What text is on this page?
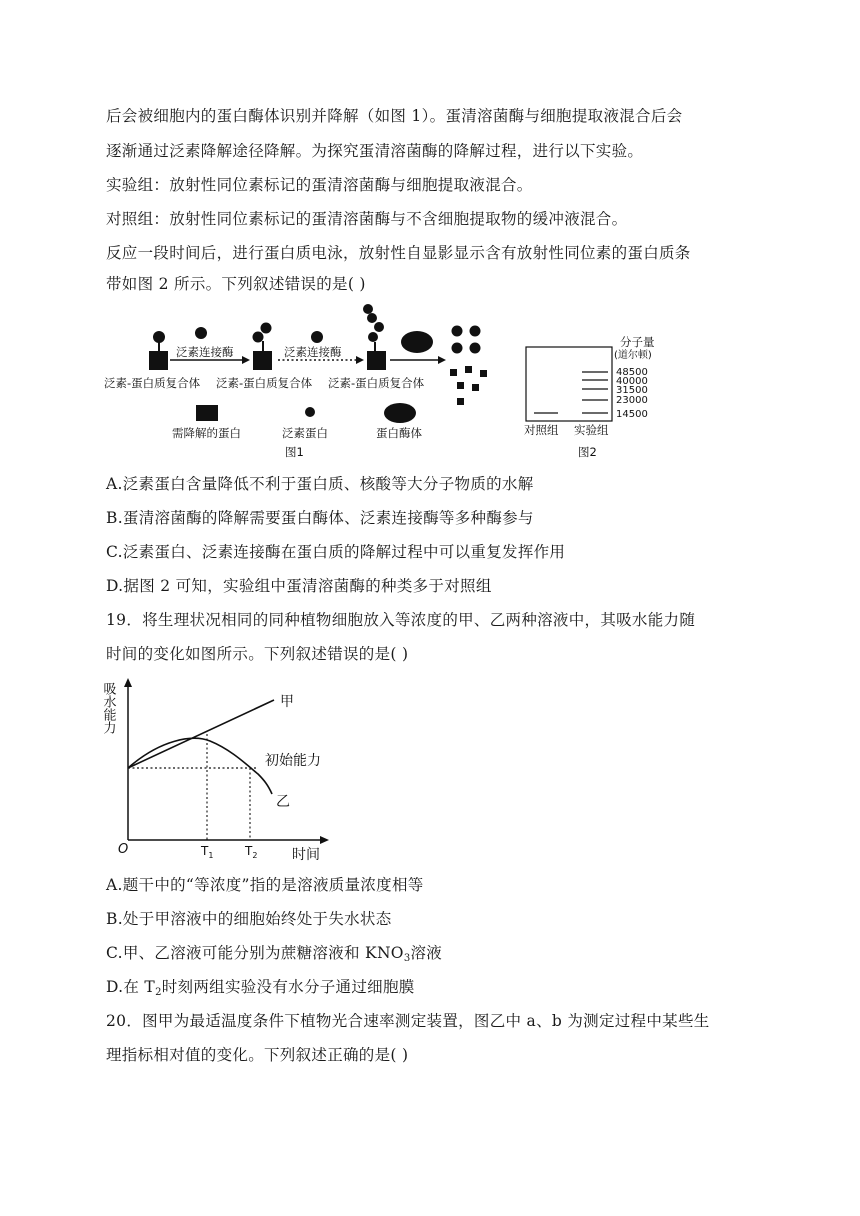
后会被细胞内的蛋白酶体识别并降解（如图 1）。蛋清溶菌酶与细胞提取液混合后会
逐渐通过泛素降解途径降解。为探究蛋清溶菌酶的降解过程，进行以下实验。
实验组：放射性同位素标记的蛋清溶菌酶与细胞提取液混合。
对照组：放射性同位素标记的蛋清溶菌酶与不含细胞提取物的缓冲液混合。
反应一段时间后，进行蛋白质电泳，放射性自显影显示含有放射性同位素的蛋白质条
带如图 2 所示。下列叙述错误的是( )
泛素连接酶	泛素连接酶
泛素-蛋白质复合体 泛素-蛋白质复合体 泛素-蛋白质复合体
需降解的蛋白	泛素蛋白	蛋白酶体
图1
分子量
(道尔顿)
48500
40000
31500
23000
14500
对照组 实验组
图2
A.泛素蛋白含量降低不利于蛋白质、核酸等大分子物质的水解
B.蛋清溶菌酶的降解需要蛋白酶体、泛素连接酶等多种酶参与
C.泛素蛋白、泛素连接酶在蛋白质的降解过程中可以重复发挥作用
D.据图 2 可知，实验组中蛋清溶菌酶的种类多于对照组
19．将生理状况相同的同种植物细胞放入等浓度的甲、乙两种溶液中，其吸水能力随
时间的变化如图所示。下列叙述错误的是( )
吸水能力
O	$T_1$	$T_2$ 时间
甲
乙
初始能力
A.题干中的“等浓度”指的是溶液质量浓度相等
B.处于甲溶液中的细胞始终处于失水状态
C.甲、乙溶液可能分别为蔗糖溶液和 $KNO_3$溶液
D.在 $T_2$时刻两组实验没有水分子通过细胞膜
20．图甲为最适温度条件下植物光合速率测定装置，图乙中 a、b 为测定过程中某些生
理指标相对值的变化。下列叙述正确的是( )
